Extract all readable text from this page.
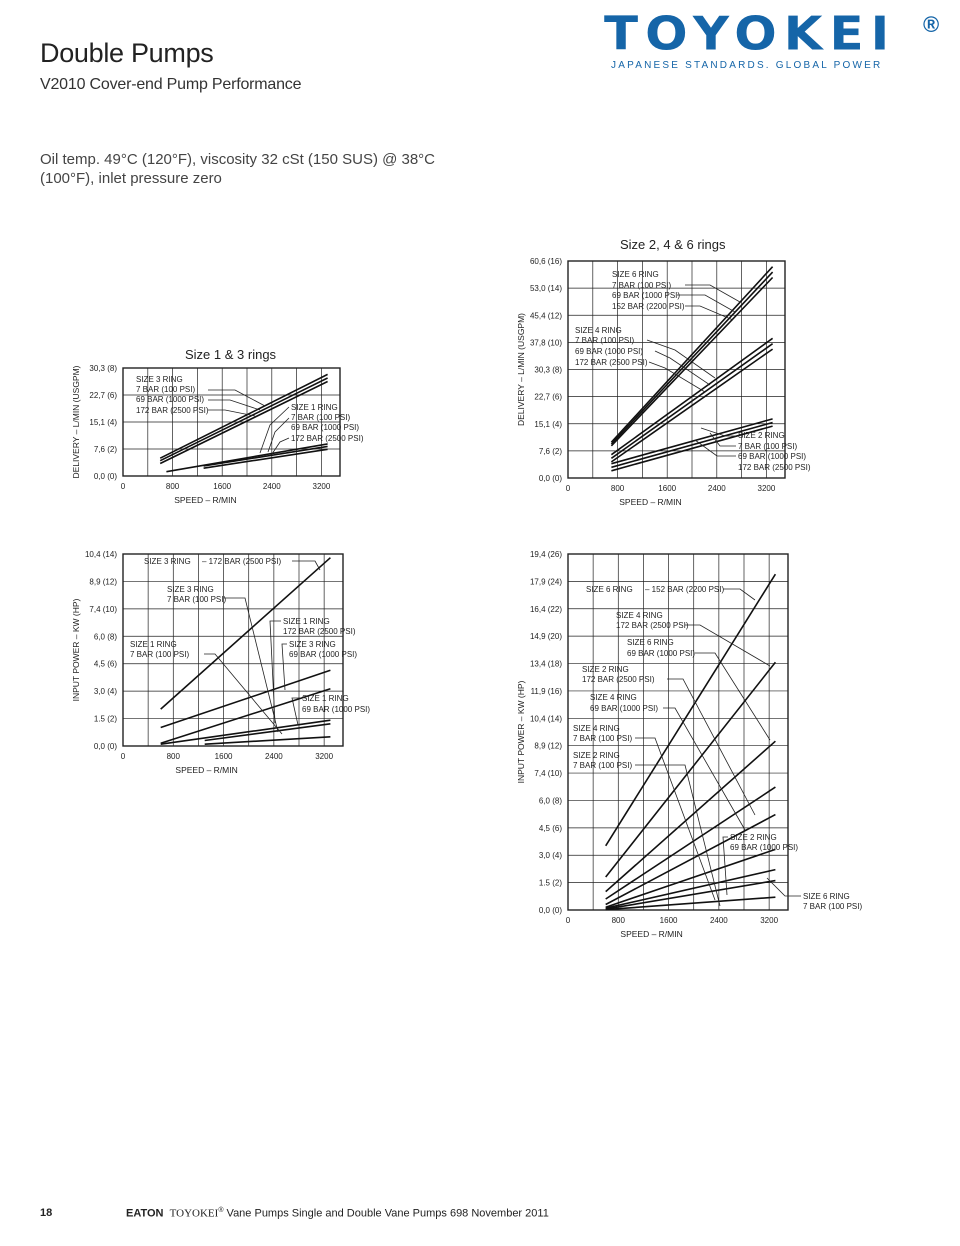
Double Pumps
V2010 Cover-end Pump Performance
Oil temp. 49°C (120°F), viscosity 32 cSt (150 SUS) @ 38°C (100°F), inlet pressure zero
TOYOKEI ®
JAPANESE STANDARDS. GLOBAL POWER
Size 1 & 3 rings
0,0 (0)
7,6 (2)
15,1 (4)
22,7 (6)
30,3 (8)
0	800	1600	2400	3200
SPEED – R/MIN
DELIVERY – L/MIN (USGPM)	SIZE 3 RING
7 BAR (100 PSI)
69 BAR (1000 PSI)
172 BAR (2500 PSI)	SIZE 1 RING
7 BAR (100 PSI)
69 BAR (1000 PSI)
172 BAR (2500 PSI)
Size 2, 4 & 6 rings
0,0 (0)
7,6 (2)
15,1 (4)
22,7 (6)
30,3 (8)
37,8 (10)
45,4 (12)
53,0 (14)
60,6 (16)
0	800	1600	2400	3200
SPEED – R/MIN
DELIVERY – L/MIN (USGPM)
SIZE 6 RING
7 BAR (100 PSI)
69 BAR (1000 PSI)
152 BAR (2200 PSI)
SIZE 4 RING
7 BAR (100 PSI)
69 BAR (1000 PSI)
172 BAR (2500 PSI)
SIZE 2 RING
7 BAR (100 PSI)
69 BAR (1000 PSI)
172 BAR (2500 PSI)
0,0 (0)
1.5 (2)
3,0 (4)
4,5 (6)
6,0 (8)
7,4 (10)
8,9 (12)
10,4 (14)
0	800	1600	2400	3200
SPEED – R/MIN
INPUT POWER – KW (HP)
SIZE 3 RING – 172 BAR (2500 PSI)
SIZE 3 RING
7 BAR (100 PSI)
SIZE 1 RING
172 BAR (2500 PSI)
SIZE 3 RING
69 BAR (1000 PSI)
SIZE 1 RING
7 BAR (100 PSI)
SIZE 1 RING
69 BAR (1000 PSI)
0,0 (0)
1.5 (2)
3,0 (4)
4,5 (6)
6,0 (8)
7,4 (10)
8,9 (12)
10,4 (14)
11,9 (16)
13,4 (18)
14,9 (20)
16,4 (22)
17,9 (24)
19,4 (26)
0	800	1600	2400	3200
SPEED – R/MIN
INPUT POWER – KW (HP)
SIZE 6 RING – 152 BAR (2200 PSI)
SIZE 4 RING
172 BAR (2500 PSI)
SIZE 6 RING
69 BAR (1000 PSI)
SIZE 2 RING
172 BAR (2500 PSI)
SIZE 4 RING
69 BAR (1000 PSI)
SIZE 4 RING
7 BAR (100 PSI)
SIZE 2 RING
7 BAR (100 PSI)
SIZE 2 RING
69 BAR (1000 PSI)
SIZE 6 RING
7 BAR (100 PSI)
18	EATON TOYOKEI® Vane Pumps Single and Double Vane Pumps 698 November 2011
